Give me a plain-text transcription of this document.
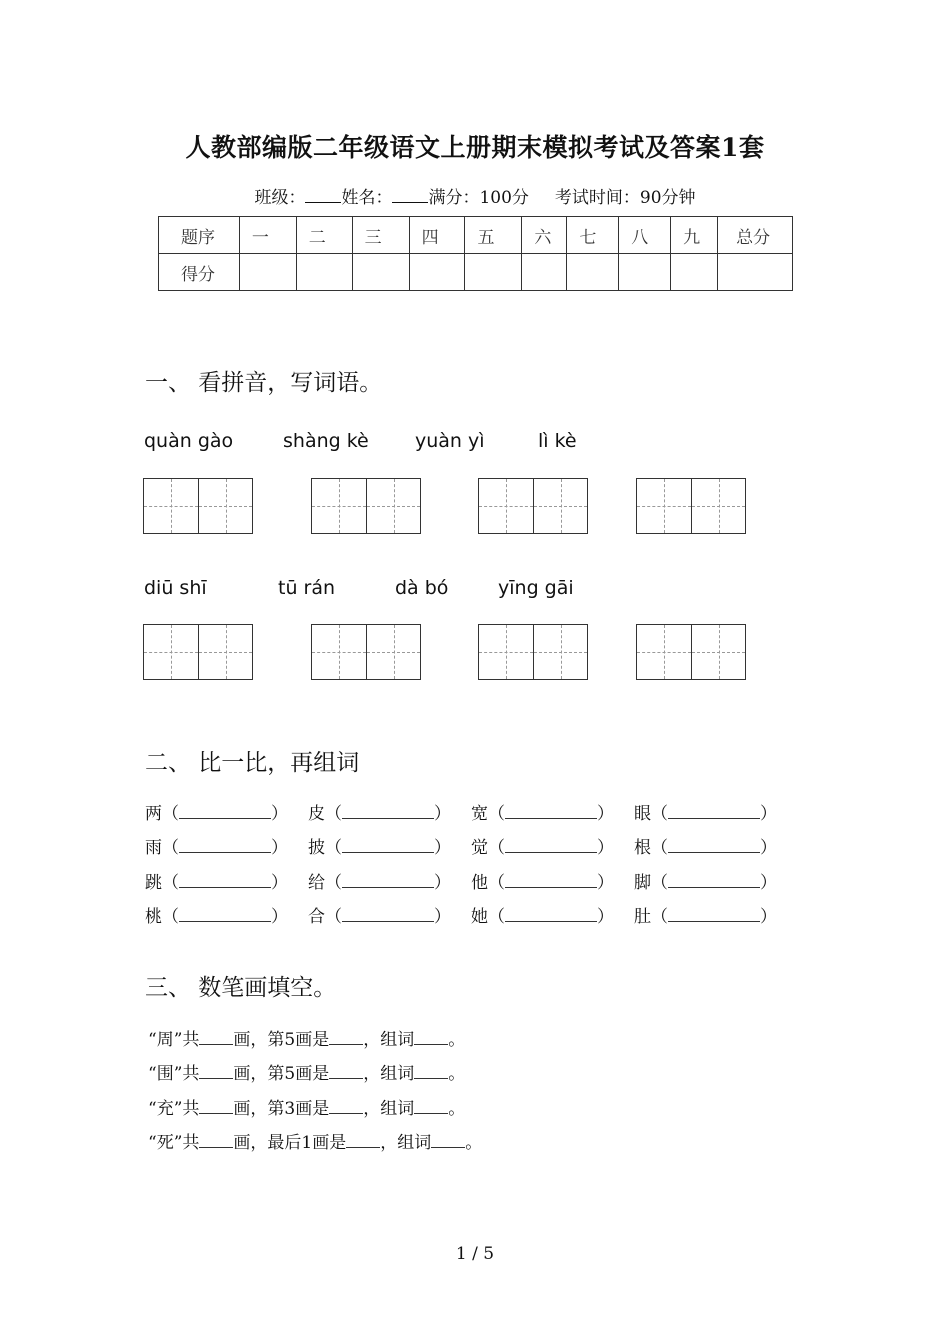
人教部编版二年级语文上册期末模拟考试及答案1套
班级： 姓名： 满分：100分 考试时间：90分钟
题序	一	二	三	四	五	六	七	八	九	总分
得分										
一、 看拼音，写词语。
quàn gào	shàng kè yuàn yì	lì kè
diū shī	tū rán	dà bó	yīng gāi
二、 比一比，再组词
两（	） 皮（	） 宽（	） 眼（	）
雨（	） 披（	） 觉（	） 根（	）
跳（	） 给（	） 他（	） 脚（	）
桃（	） 合（	） 她（	） 肚（	）
三、 数笔画填空。
“周”共 画，第5画是 ，组词 。
“围”共 画，第5画是 ，组词 。
“充”共 画，第3画是 ，组词 。
“死”共 画，最后1画是 ，组词 。
1 / 5
